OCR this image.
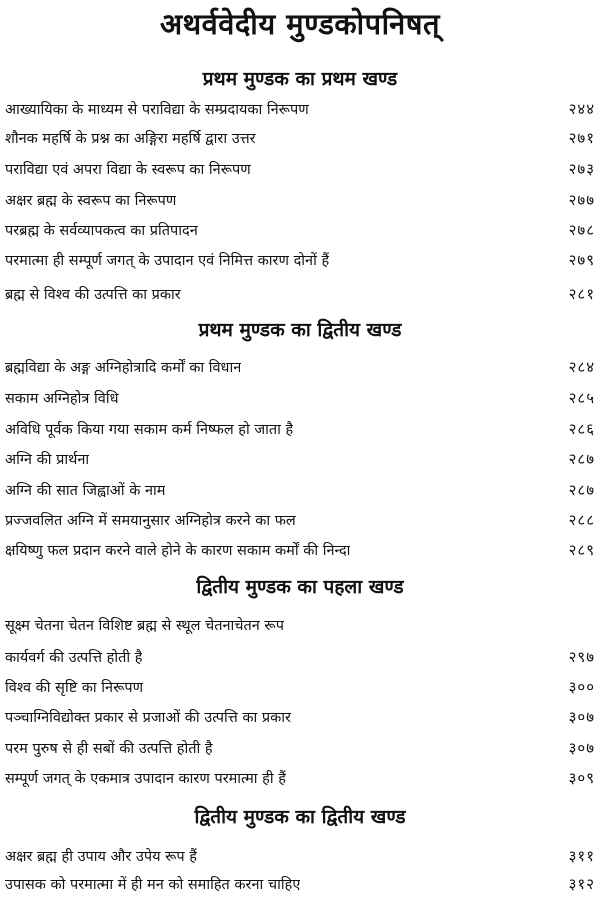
अथर्ववेदीय मुण्डकोपनिषत्
प्रथम मुण्डक का प्रथम खण्ड
आख्यायिका के माध्यम से पराविद्या के सम्प्रदायका निरूपण	२४४
शौनक महर्षि के प्रश्न का अङ्गिरा महर्षि द्वारा उत्तर	२७१
पराविद्या एवं अपरा विद्या के स्वरूप का निरूपण	२७३
अक्षर ब्रह्म के स्वरूप का निरूपण	२७७
परब्रह्म के सर्वव्यापकत्व का प्रतिपादन	२७८
परमात्मा ही सम्पूर्ण जगत् के उपादान एवं निमित्त कारण दोनों हैं	२७९
ब्रह्म से विश्व की उत्पत्ति का प्रकार	२८१
प्रथम मुण्डक का द्वितीय खण्ड
ब्रह्मविद्या के अङ्ग अग्निहोत्रादि कर्मों का विधान	२८४
सकाम अग्निहोत्र विधि	२८५
अविधि पूर्वक किया गया सकाम कर्म निष्फल हो जाता है	२८६
अग्नि की प्रार्थना	२८७
अग्नि की सात जिह्वाओं के नाम	२८७
प्रज्जवलित अग्नि में समयानुसार अग्निहोत्र करने का फल	२८८
क्षयिष्णु फल प्रदान करने वाले होने के कारण सकाम कर्मों की निन्दा	२८९
द्वितीय मुण्डक का पहला खण्ड
सूक्ष्म चेतना चेतन विशिष्ट ब्रह्म से स्थूल चेतनाचेतन रूप
कार्यवर्ग की उत्पत्ति होती है	२९७
विश्व की सृष्टि का निरूपण	३००
पञ्चाग्निविद्योक्त प्रकार से प्रजाओं की उत्पत्ति का प्रकार	३०७
परम पुरुष से ही सबों की उत्पत्ति होती है	३०७
सम्पूर्ण जगत् के एकमात्र उपादान कारण परमात्मा ही हैं	३०९
द्वितीय मुण्डक का द्वितीय खण्ड
अक्षर ब्रह्म ही उपाय और उपेय रूप हैं	३११
उपासक को परमात्मा में ही मन को समाहित करना चाहिए	३१२
